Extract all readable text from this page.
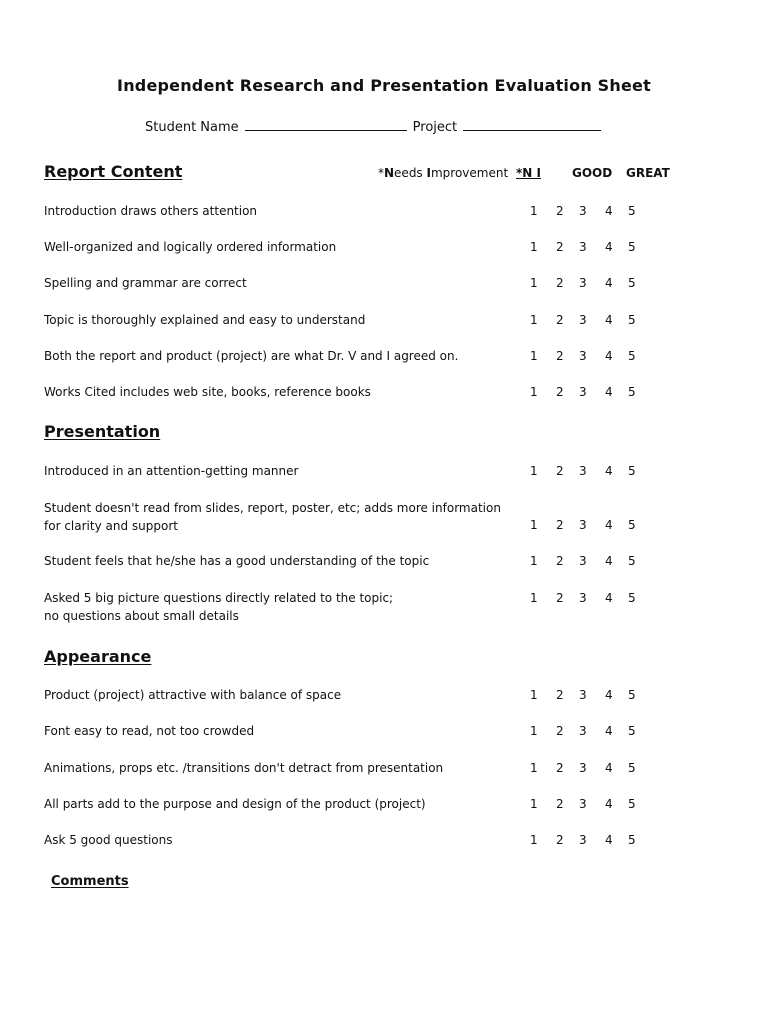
Independent Research and Presentation Evaluation Sheet
Student Name	Project
Report Content	*Needs Improvement *N I	GOOD GREAT
Introduction draws others attention	1 2 3 4 5
Well-organized and logically ordered information	1 2 3 4 5
Spelling and grammar are correct	1 2 3 4 5
Topic is thoroughly explained and easy to understand	1 2 3 4 5
Both the report and product (project) are what Dr. V and I agreed on.	1 2 3 4 5
Works Cited includes web site, books, reference books	1 2 3 4 5
Introduced in an attention-getting manner	1 2 3 4 5
Student doesn't read from slides, report, poster, etc; adds more information
for clarity and support	1 2 3 4 5
Student feels that he/she has a good understanding of the topic	1 2 3 4 5
Asked 5 big picture questions directly related to the topic;
no questions about small details
1 2 3 4 5
Product (project) attractive with balance of space	1 2 3 4 5
Font easy to read, not too crowded	1 2 3 4 5
Animations, props etc. /transitions don't detract from presentation	1 2 3 4 5
All parts add to the purpose and design of the product (project)	1 2 3 4 5
Ask 5 good questions	1 2 3 4 5
Presentation
Appearance
Comments
